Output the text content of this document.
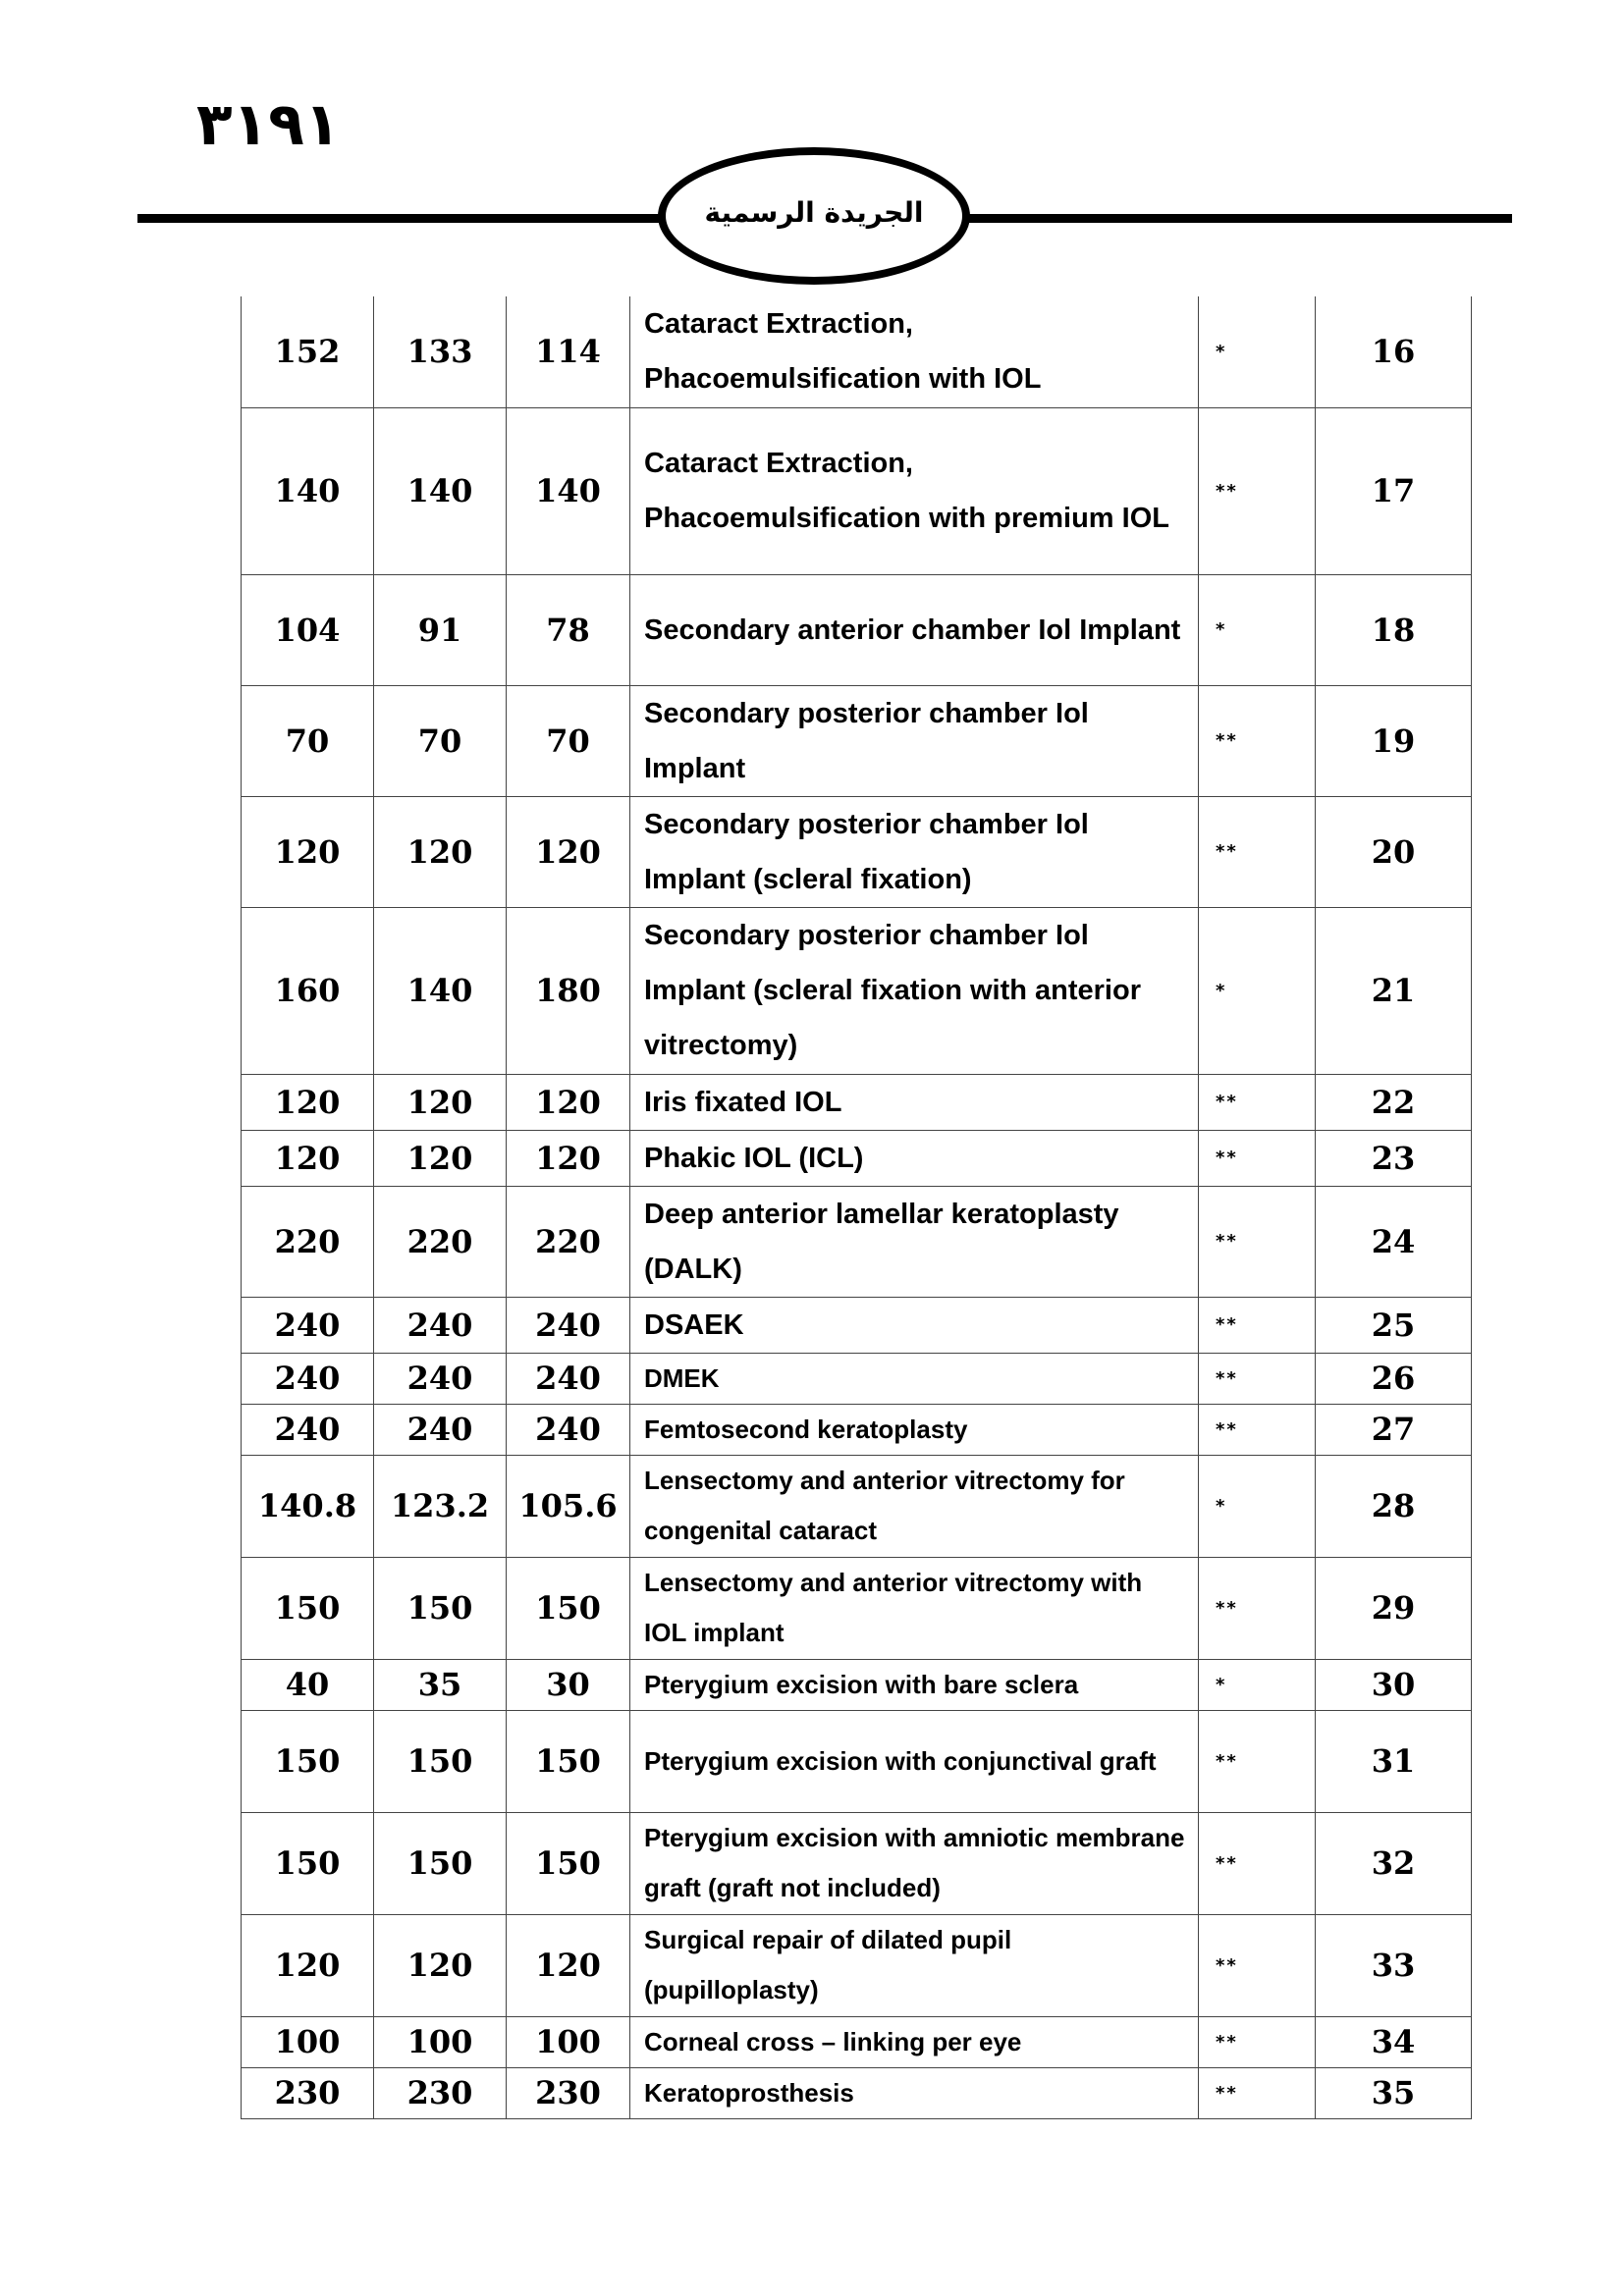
٣١٩١
الجريدة الرسمية
152	133	114	Cataract Extraction, Phacoemulsification with IOL	*	16
140	140	140	Cataract Extraction, Phacoemulsification with premium IOL	**	17
104	91	78	Secondary anterior chamber Iol Implant	*	18
70	70	70	Secondary posterior chamber Iol Implant	**	19
120	120	120	Secondary posterior chamber Iol Implant (scleral fixation)	**	20
160	140	180	Secondary posterior chamber Iol Implant (scleral fixation with anterior vitrectomy)	*	21
120	120	120	Iris fixated IOL	**	22
120	120	120	Phakic IOL (ICL)	**	23
220	220	220	Deep anterior lamellar keratoplasty (DALK)	**	24
240	240	240	DSAEK	**	25
240	240	240	DMEK	**	26
240	240	240	Femtosecond keratoplasty	**	27
140.8	123.2	105.6	Lensectomy and anterior vitrectomy for congenital cataract	*	28
150	150	150	Lensectomy and anterior vitrectomy with IOL implant	**	29
40	35	30	Pterygium excision with bare sclera	*	30
150	150	150	Pterygium excision with conjunctival graft	**	31
150	150	150	Pterygium excision with amniotic membrane graft (graft not included)	**	32
120	120	120	Surgical repair of dilated pupil (pupilloplasty)	**	33
100	100	100	Corneal cross – linking per eye	**	34
230	230	230	Keratoprosthesis	**	35
